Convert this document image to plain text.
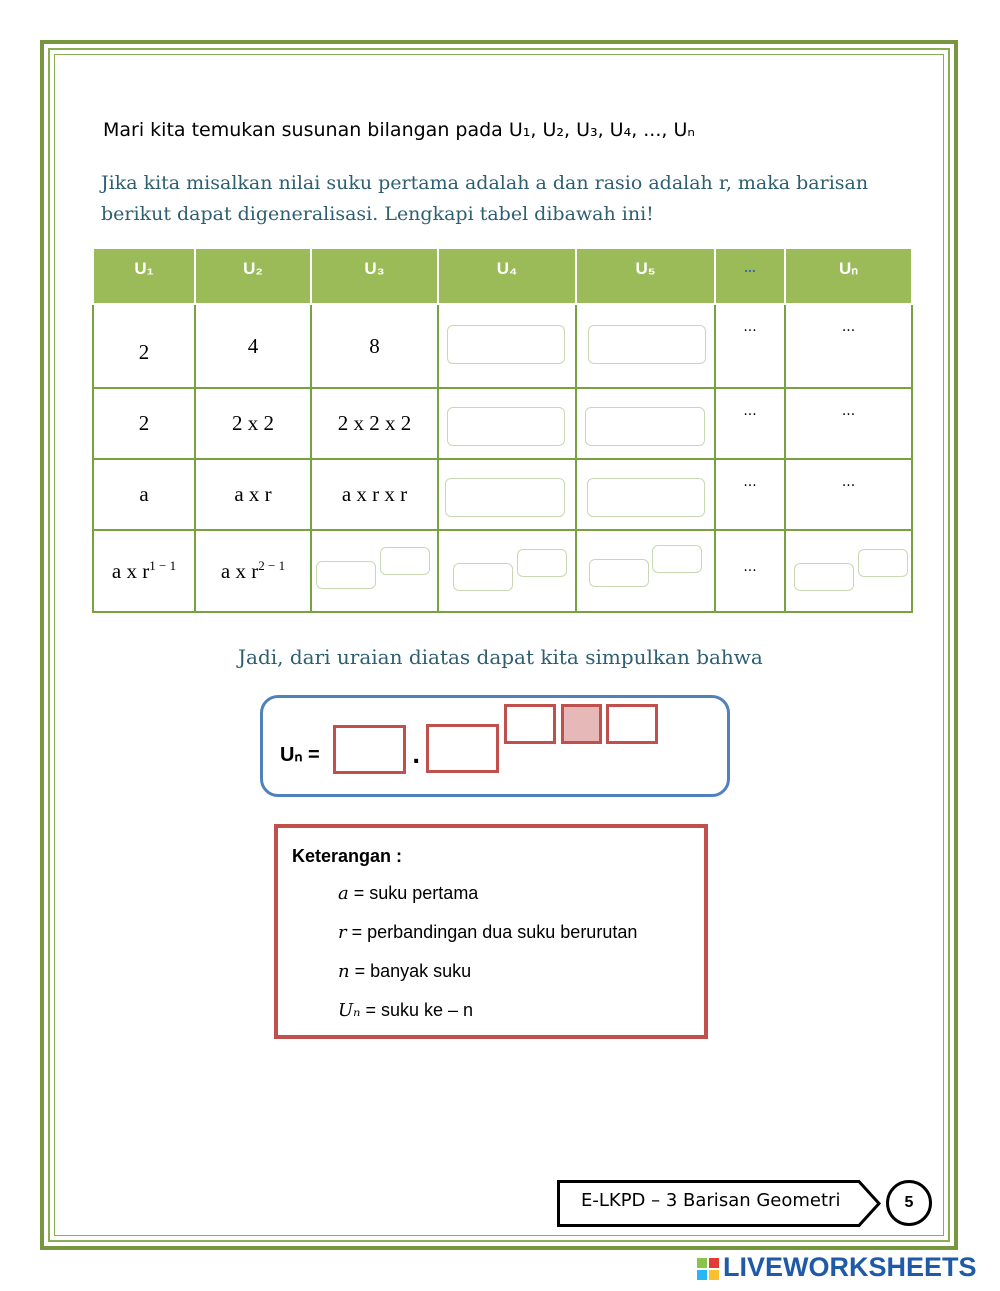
Mari kita temukan susunan bilangan pada U₁, U₂, U₃, U₄, ..., Uₙ
Jika kita misalkan nilai suku pertama adalah a dan rasio adalah r, maka barisan berikut dapat digeneralisasi. Lengkapi tabel dibawah ini!
U₁	U₂	U₃	U₄	U₅	...	Uₙ
2	4	8			...	...

2	2 x 2	2 x 2 x 2			...	...

a	a x r	a x r x r			...	...

a x $r^{1 - 1}$	a x $r^{2 - 1}$				...	

Jadi, dari uraian diatas dapat kita simpulkan bahwa
Uₙ =	.
Keterangan :
a = suku pertama
r = perbandingan dua suku berurutan
n = banyak suku
Uₙ = suku ke – n
E-LKPD – 3 Barisan Geometri	5
LIVEWORKSHEETS
